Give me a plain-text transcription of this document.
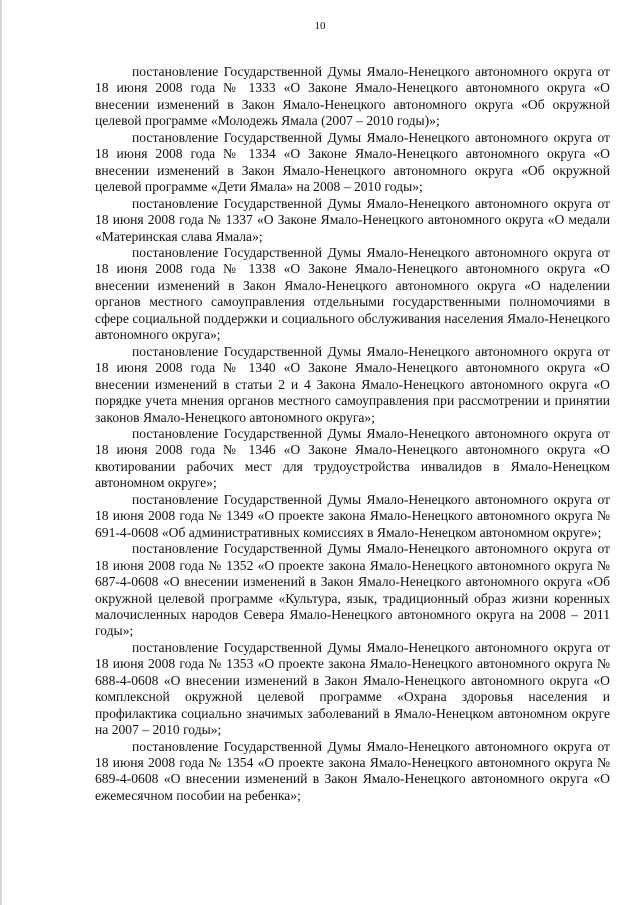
10

постановление Государственной Думы Ямало-Ненецкого автономного округа от 18 июня 2008 года № 1333 «О Законе Ямало-Ненецкого автономного округа «О внесении изменений в Закон Ямало-Ненецкого автономного округа «Об окружной целевой программе «Молодежь Ямала (2007 – 2010 годы)»;

постановление Государственной Думы Ямало-Ненецкого автономного округа от 18 июня 2008 года № 1334 «О Законе Ямало-Ненецкого автономного округа «О внесении изменений в Закон Ямало-Ненецкого автономного округа «Об окружной целевой программе «Дети Ямала» на 2008 – 2010 годы»;

постановление Государственной Думы Ямало-Ненецкого автономного округа от 18 июня 2008 года № 1337 «О Законе Ямало-Ненецкого автономного округа «О медали «Материнская слава Ямала»;

постановление Государственной Думы Ямало-Ненецкого автономного округа от 18 июня 2008 года № 1338 «О Законе Ямало-Ненецкого автономного округа «О внесении изменений в Закон Ямало-Ненецкого автономного округа «О наделении органов местного самоуправления отдельными государственными полномочиями в сфере социальной поддержки и социального обслуживания населения Ямало-Ненецкого автономного округа»;

постановление Государственной Думы Ямало-Ненецкого автономного округа от 18 июня 2008 года № 1340 «О Законе Ямало-Ненецкого автономного округа «О внесении изменений в статьи 2 и 4 Закона Ямало-Ненецкого автономного округа «О порядке учета мнения органов местного самоуправления при рассмотрении и принятии законов Ямало-Ненецкого автономного округа»;

постановление Государственной Думы Ямало-Ненецкого автономного округа от 18 июня 2008 года № 1346 «О Законе Ямало-Ненецкого автономного округа «О квотировании рабочих мест для трудоустройства инвалидов в Ямало-Ненецком автономном округе»;

постановление Государственной Думы Ямало-Ненецкого автономного округа от 18 июня 2008 года № 1349 «О проекте закона Ямало-Ненецкого автономного округа № 691-4-0608 «Об административных комиссиях в Ямало-Ненецком автономном округе»;

постановление Государственной Думы Ямало-Ненецкого автономного округа от 18 июня 2008 года № 1352 «О проекте закона Ямало-Ненецкого автономного округа № 687-4-0608 «О внесении изменений в Закон Ямало-Ненецкого автономного округа «Об окружной целевой программе «Культура, язык, традиционный образ жизни коренных малочисленных народов Севера Ямало-Ненецкого автономного округа на 2008 – 2011 годы»;

постановление Государственной Думы Ямало-Ненецкого автономного округа от 18 июня 2008 года № 1353 «О проекте закона Ямало-Ненецкого автономного округа № 688-4-0608 «О внесении изменений в Закон Ямало-Ненецкого автономного округа «О комплексной окружной целевой программе «Охрана здоровья населения и профилактика социально значимых заболеваний в Ямало-Ненецком автономном округе на 2007 – 2010 годы»;

постановление Государственной Думы Ямало-Ненецкого автономного округа от 18 июня 2008 года № 1354 «О проекте закона Ямало-Ненецкого автономного округа № 689-4-0608 «О внесении изменений в Закон Ямало-Ненецкого автономного округа «О ежемесячном пособии на ребенка»;
